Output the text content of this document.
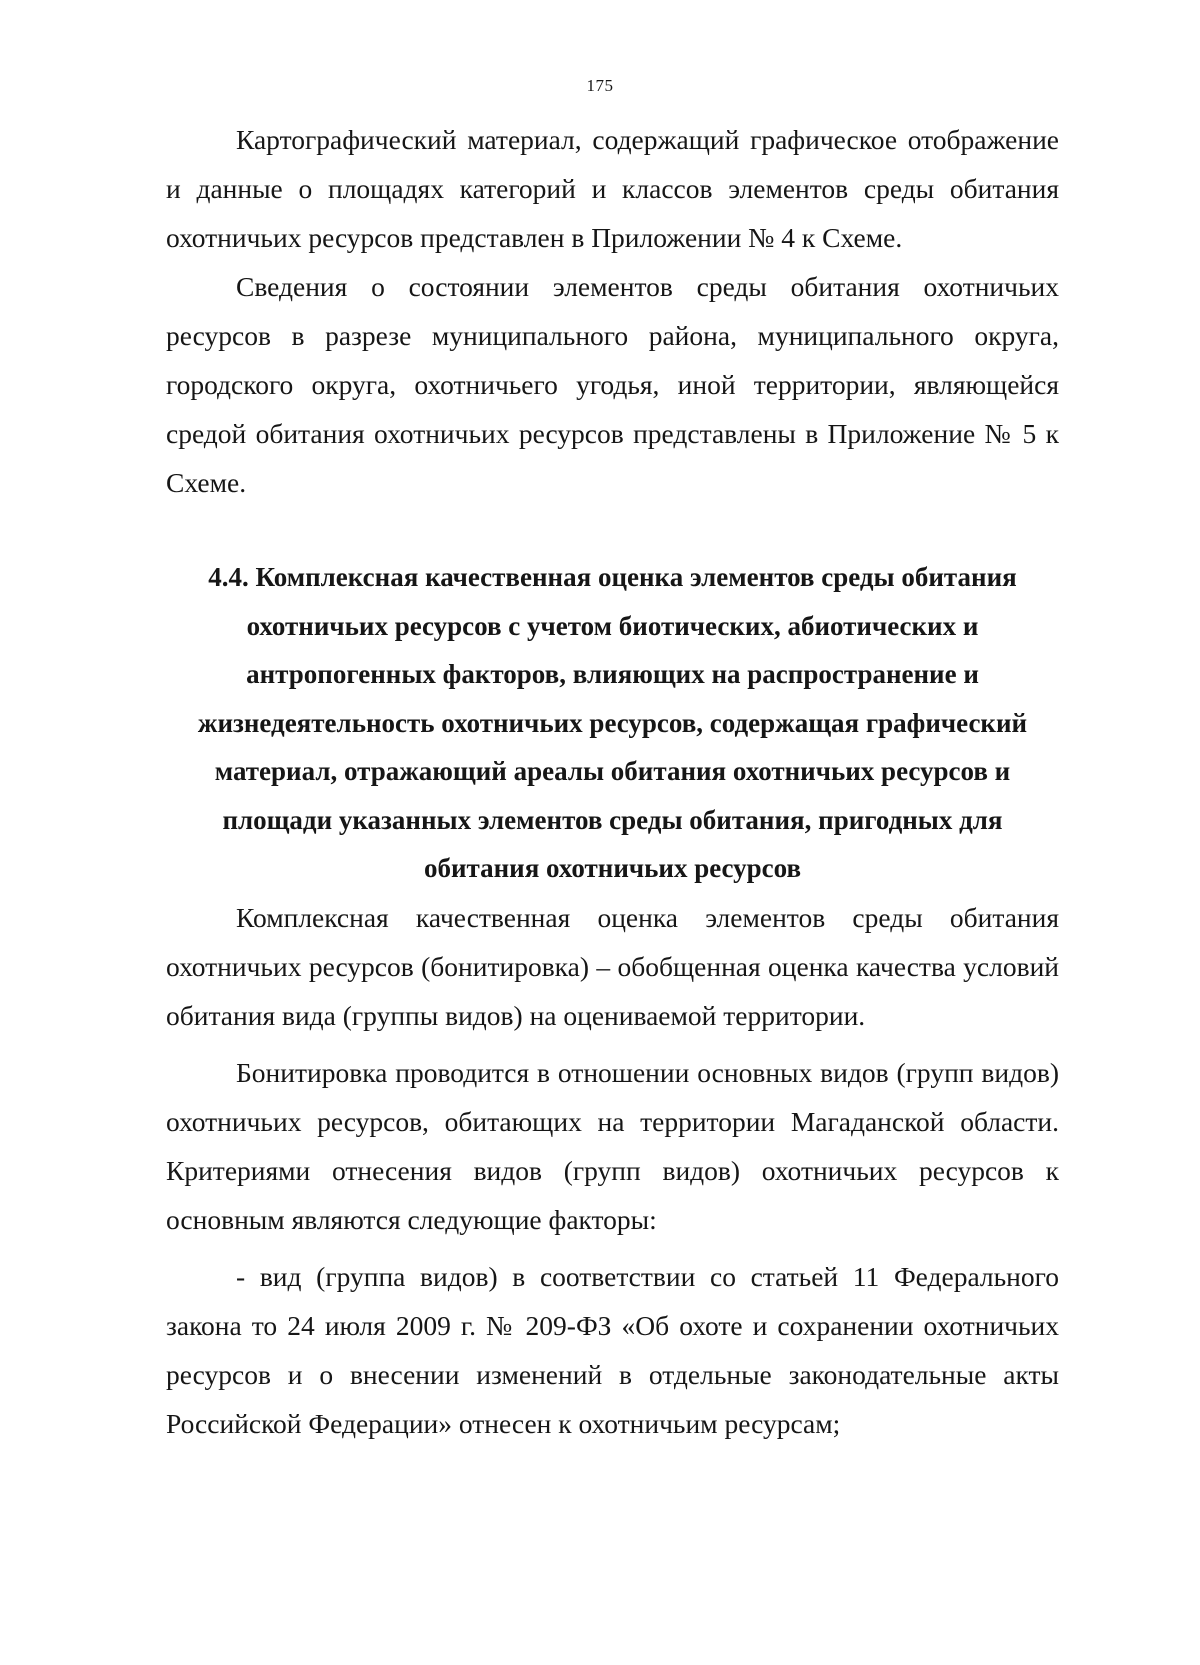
175

Картографический материал, содержащий графическое отображение и данные о площадях категорий и классов элементов среды обитания охотничьих ресурсов представлен в Приложении № 4 к Схеме.

Сведения о состоянии элементов среды обитания охотничьих ресурсов в разрезе муниципального района, муниципального округа, городского округа, охотничьего угодья, иной территории, являющейся средой обитания охотничьих ресурсов представлены в Приложение № 5 к Схеме.

4.4. Комплексная качественная оценка элементов среды обитания
охотничьих ресурсов с учетом биотических, абиотических и
антропогенных факторов, влияющих на распространение и
жизнедеятельность охотничьих ресурсов, содержащая графический
материал, отражающий ареалы обитания охотничьих ресурсов и
площади указанных элементов среды обитания, пригодных для
обитания охотничьих ресурсов

Комплексная качественная оценка элементов среды обитания охотничьих ресурсов (бонитировка) – обобщенная оценка качества условий обитания вида (группы видов) на оцениваемой территории.

Бонитировка проводится в отношении основных видов (групп видов) охотничьих ресурсов, обитающих на территории Магаданской области. Критериями отнесения видов (групп видов) охотничьих ресурсов к основным являются следующие факторы:

- вид (группа видов) в соответствии со статьей 11 Федерального закона то 24 июля 2009 г. № 209-ФЗ «Об охоте и сохранении охотничьих ресурсов и о внесении изменений в отдельные законодательные акты Российской Федерации» отнесен к охотничьим ресурсам;
